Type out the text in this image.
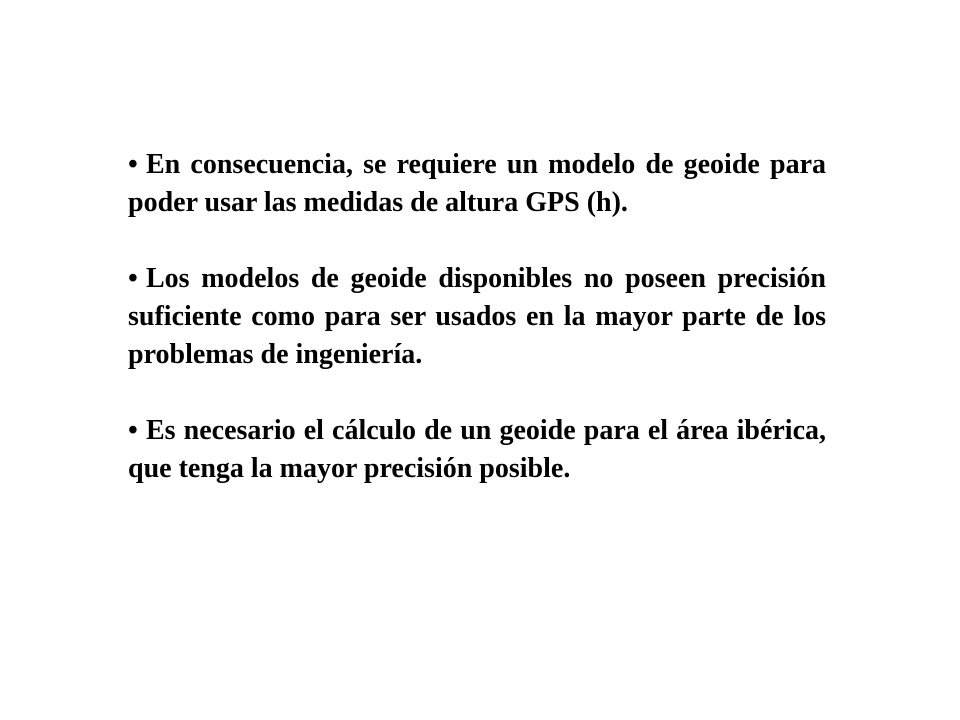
• En consecuencia, se requiere un modelo de geoide para poder usar las medidas de altura GPS (h).
• Los modelos de geoide disponibles no poseen precisión suficiente como para ser usados en la mayor parte de los problemas de ingeniería.
• Es necesario el cálculo de un geoide para el área ibérica, que tenga la mayor precisión posible.
